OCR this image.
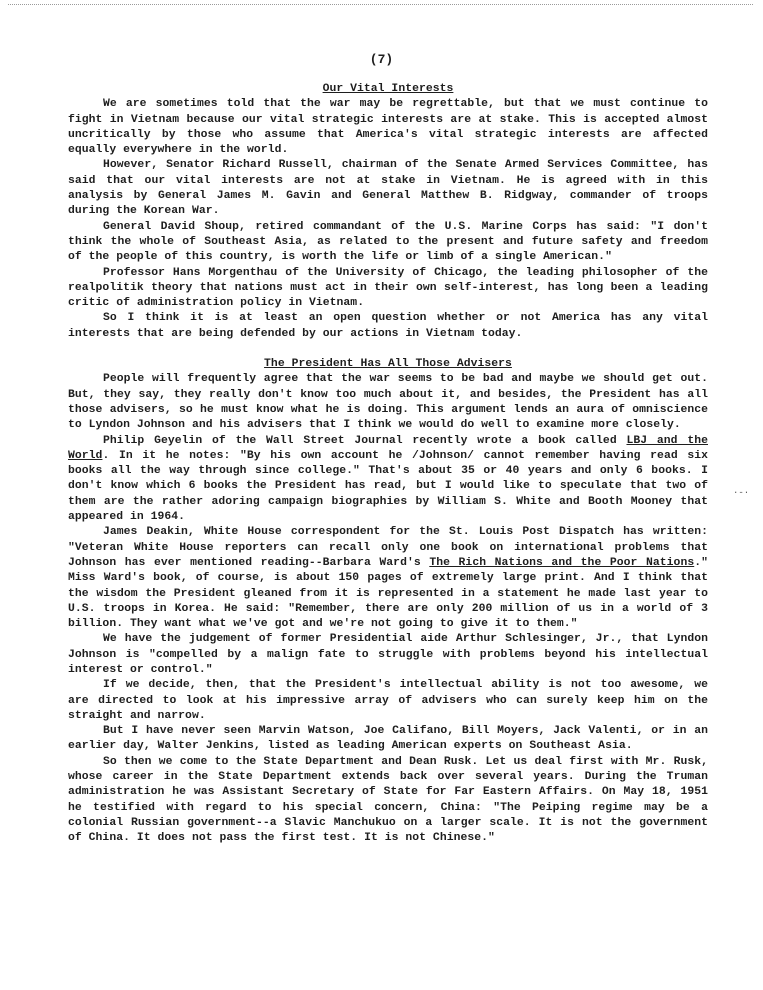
(7)
·-·
Our Vital Interests

We are sometimes told that the war may be regrettable, but that we must continue to fight in Vietnam because our vital strategic interests are at stake. This is accepted almost uncritically by those who assume that America's vital strategic interests are affected equally everywhere in the world.

However, Senator Richard Russell, chairman of the Senate Armed Services Committee, has said that our vital interests are not at stake in Vietnam. He is agreed with in this analysis by General James M. Gavin and General Matthew B. Ridgway, commander of troops during the Korean War.

General David Shoup, retired commandant of the U.S. Marine Corps has said: "I don't think the whole of Southeast Asia, as related to the present and future safety and freedom of the people of this country, is worth the life or limb of a single American."

Professor Hans Morgenthau of the University of Chicago, the leading philosopher of the realpolitik theory that nations must act in their own self-interest, has long been a leading critic of administration policy in Vietnam.

So I think it is at least an open question whether or not America has any vital interests that are being defended by our actions in Vietnam today.

The President Has All Those Advisers

People will frequently agree that the war seems to be bad and maybe we should get out. But, they say, they really don't know too much about it, and besides, the President has all those advisers, so he must know what he is doing. This argument lends an aura of omniscience to Lyndon Johnson and his advisers that I think we would do well to examine more closely.

Philip Geyelin of the Wall Street Journal recently wrote a book called LBJ and the World. In it he notes: "By his own account he /Johnson/ cannot remember having read six books all the way through since college." That's about 35 or 40 years and only 6 books. I don't know which 6 books the President has read, but I would like to speculate that two of them are the rather adoring campaign biographies by William S. White and Booth Mooney that appeared in 1964.

James Deakin, White House correspondent for the St. Louis Post Dispatch has written: "Veteran White House reporters can recall only one book on international problems that Johnson has ever mentioned reading--Barbara Ward's The Rich Nations and the Poor Nations." Miss Ward's book, of course, is about 150 pages of extremely large print. And I think that the wisdom the President gleaned from it is represented in a statement he made last year to U.S. troops in Korea. He said: "Remember, there are only 200 million of us in a world of 3 billion. They want what we've got and we're not going to give it to them."

We have the judgement of former Presidential aide Arthur Schlesinger, Jr., that Lyndon Johnson is "compelled by a malign fate to struggle with problems beyond his intellectual interest or control."

If we decide, then, that the President's intellectual ability is not too awesome, we are directed to look at his impressive array of advisers who can surely keep him on the straight and narrow.

But I have never seen Marvin Watson, Joe Califano, Bill Moyers, Jack Valenti, or in an earlier day, Walter Jenkins, listed as leading American experts on Southeast Asia.

So then we come to the State Department and Dean Rusk. Let us deal first with Mr. Rusk, whose career in the State Department extends back over several years. During the Truman administration he was Assistant Secretary of State for Far Eastern Affairs. On May 18, 1951 he testified with regard to his special concern, China: "The Peiping regime may be a colonial Russian government--a Slavic Manchukuo on a larger scale. It is not the government of China. It does not pass the first test. It is not Chinese."
